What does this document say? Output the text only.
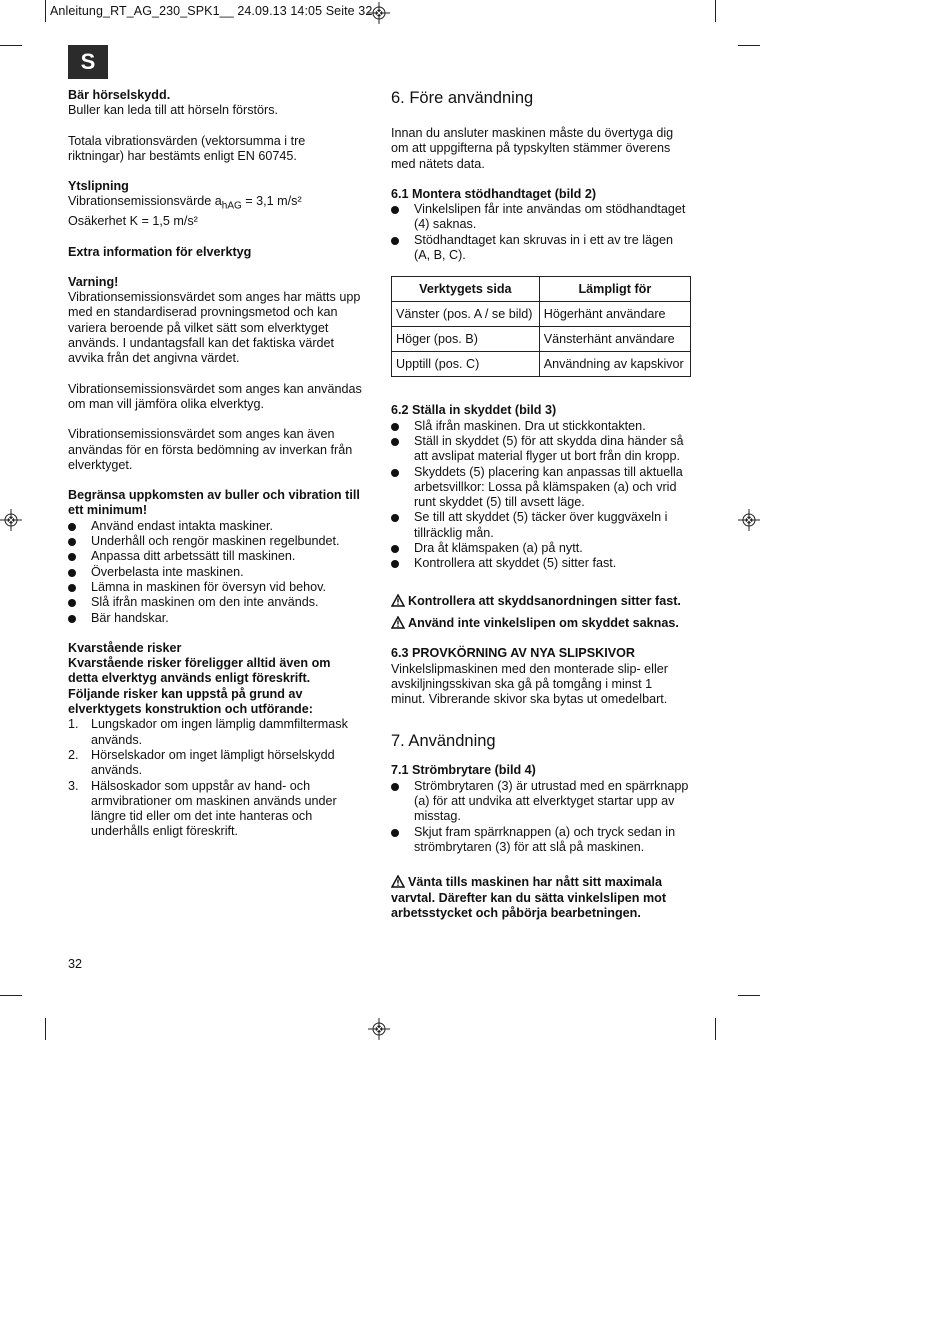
Anleitung_RT_AG_230_SPK1__ 24.09.13 14:05 Seite 32
S

Bär hörselskydd.

Buller kan leda till att hörseln förstörs.

Totala vibrationsvärden (vektorsumma i tre

riktningar) har bestämts enligt EN 60745.

Ytslipning

Vibrationsemissionsvärde $a_{hAG} = 3,1$ m/s²

Osäkerhet K = 1,5 m/s²

Extra information för elverktyg

Varning!

Vibrationsemissionsvärdet som anges har mätts upp

med en standardiserad provningsmetod och kan

variera beroende på vilket sätt som elverktyget

används. I undantagsfall kan det faktiska värdet

avvika från det angivna värdet.

Vibrationsemissionsvärdet som anges kan användas

om man vill jämföra olika elverktyg.

Vibrationsemissionsvärdet som anges kan även

användas för en första bedömning av inverkan från

elverktyget.

Begränsa uppkomsten av buller och vibration till

ett minimum!

Använd endast intakta maskiner.
Underhåll och rengör maskinen regelbundet.
Anpassa ditt arbetssätt till maskinen.
Överbelasta inte maskinen.
Lämna in maskinen för översyn vid behov.
Slå ifrån maskinen om den inte används.
Bär handskar.

Kvarstående risker

Kvarstående risker föreligger alltid även om

detta elverktyg används enligt föreskrift.

Följande risker kan uppstå på grund av

elverktygets konstruktion och utförande:

1. Lungskador om ingen lämplig dammfiltermask
används.
2. Hörselskador om inget lämpligt hörselskydd
används.
3. Hälsoskador som uppstår av hand- och
armvibrationer om maskinen används under
längre tid eller om det inte hanteras och
underhålls enligt föreskrift.
32

6. Före användning

Innan du ansluter maskinen måste du övertyga dig

om att uppgifterna på typskylten stämmer överens

med nätets data.

6.1 Montera stödhandtaget (bild 2)

Vinkelslipen får inte användas om stödhandtaget
(4) saknas.
Stödhandtaget kan skruvas in i ett av tre lägen
(A, B, C).
Verktygets sida	Lämpligt för
Vänster (pos. A / se bild)	Högerhänt användare
Höger (pos. B)	Vänsterhänt användare
Upptill (pos. C)	Användning av kapskivor

6.2 Ställa in skyddet (bild 3)

Slå ifrån maskinen. Dra ut stickkontakten.
Ställ in skyddet (5) för att skydda dina händer så
att avslipat material flyger ut bort från din kropp.
Skyddets (5) placering kan anpassas till aktuella
arbetsvillkor: Lossa på klämspaken (a) och vrid
runt skyddet (5) till avsett läge.
Se till att skyddet (5) täcker över kuggväxeln i
tillräcklig mån.
Dra åt klämspaken (a) på nytt.
Kontrollera att skyddet (5) sitter fast.

Kontrollera att skyddsanordningen sitter fast.

Använd inte vinkelslipen om skyddet saknas.

6.3 PROVKÖRNING AV NYA SLIPSKIVOR

Vinkelslipmaskinen med den monterade slip- eller

avskiljningsskivan ska gå på tomgång i minst 1

minut. Vibrerande skivor ska bytas ut omedelbart.

7. Användning

7.1 Strömbrytare (bild 4)

Strömbrytaren (3) är utrustad med en spärrknapp
(a) för att undvika att elverktyget startar upp av
misstag.
Skjut fram spärrknappen (a) och tryck sedan in
strömbrytaren (3) för att slå på maskinen.

Vänta tills maskinen har nått sitt maximala

varvtal. Därefter kan du sätta vinkelslipen mot

arbetsstycket och påbörja bearbetningen.
